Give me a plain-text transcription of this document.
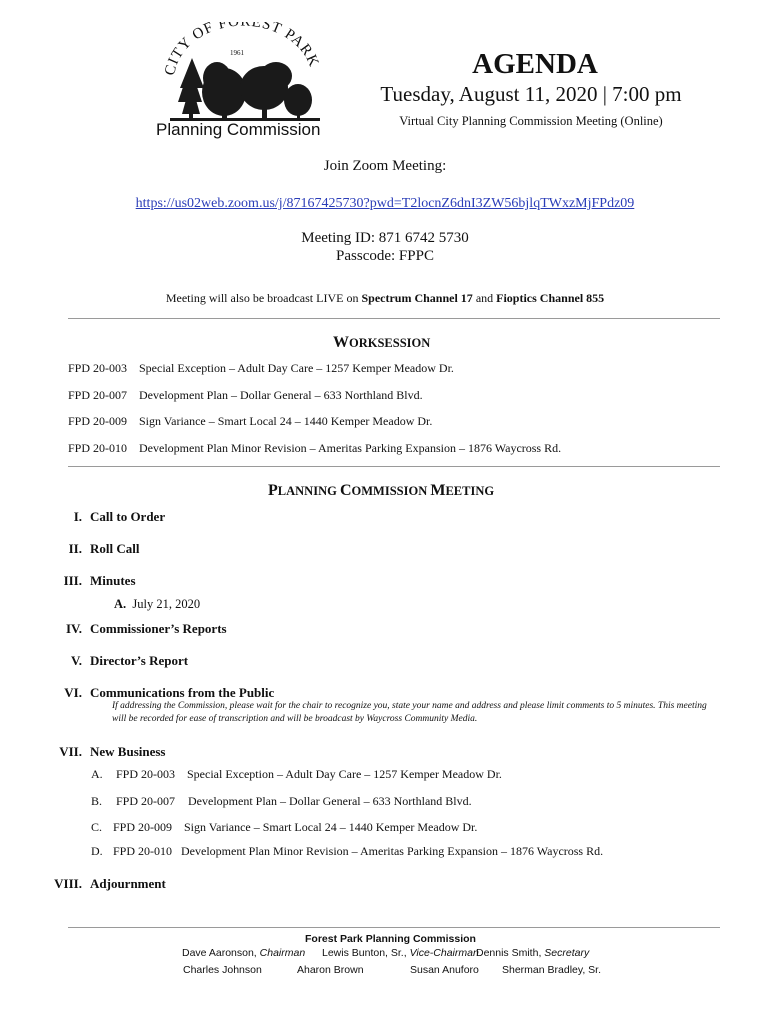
CITY OF FO EST PARK
1961
Planning Commission
AGENDA
Tuesday, August 11, 2020 | 7:00 pm
Virtual City Planning Commission Meeting (Online)
Join Zoom Meeting:
https://us02web.zoom.us/j/87167425730?pwd=T2locnZ6dnI3ZW56bjlqTWxzMjFPdz09
Meeting ID: 871 6742 5730
Passcode: FPPC
Meeting will also be broadcast LIVE on Spectrum Channel 17 and Fioptics Channel 855
WORKSESSION
FPD 20-003 Special Exception – Adult Day Care – 1257 Kemper Meadow Dr.
FPD 20-007 Development Plan – Dollar General – 633 Northland Blvd.
FPD 20-009 Sign Variance – Smart Local 24 – 1440 Kemper Meadow Dr.
FPD 20-010 Development Plan Minor Revision – Ameritas Parking Expansion – 1876 Waycross Rd.
PLANNING COMMISSION MEETING
I. Call to Order
II. Roll Call
III. Minutes
A. July 21, 2020
IV. Commissioner’s Reports
V. Director’s Report
VI. Communications from the Public
If addressing the Commission, please wait for the chair to recognize you, state your name and address and please limit comments to 5 minutes. This meeting will be recorded for ease of transcription and will be broadcast by Waycross Community Media.
VII. New Business
A. FPD 20-003 Special Exception – Adult Day Care – 1257 Kemper Meadow Dr.
B. FPD 20-007 Development Plan – Dollar General – 633 Northland Blvd.
C. FPD 20-009 Sign Variance – Smart Local 24 – 1440 Kemper Meadow Dr.
D. FPD 20-010 Development Plan Minor Revision – Ameritas Parking Expansion – 1876 Waycross Rd.
VIII. Adjournment
Forest Park Planning Commission
Dave Aaronson, Chairman Lewis Bunton, Sr., Vice-Chairman
Dennis Smith, Secretary
Charles Johnson	Aharon Brown	Susan Anuforo Sherman Bradley, Sr.
